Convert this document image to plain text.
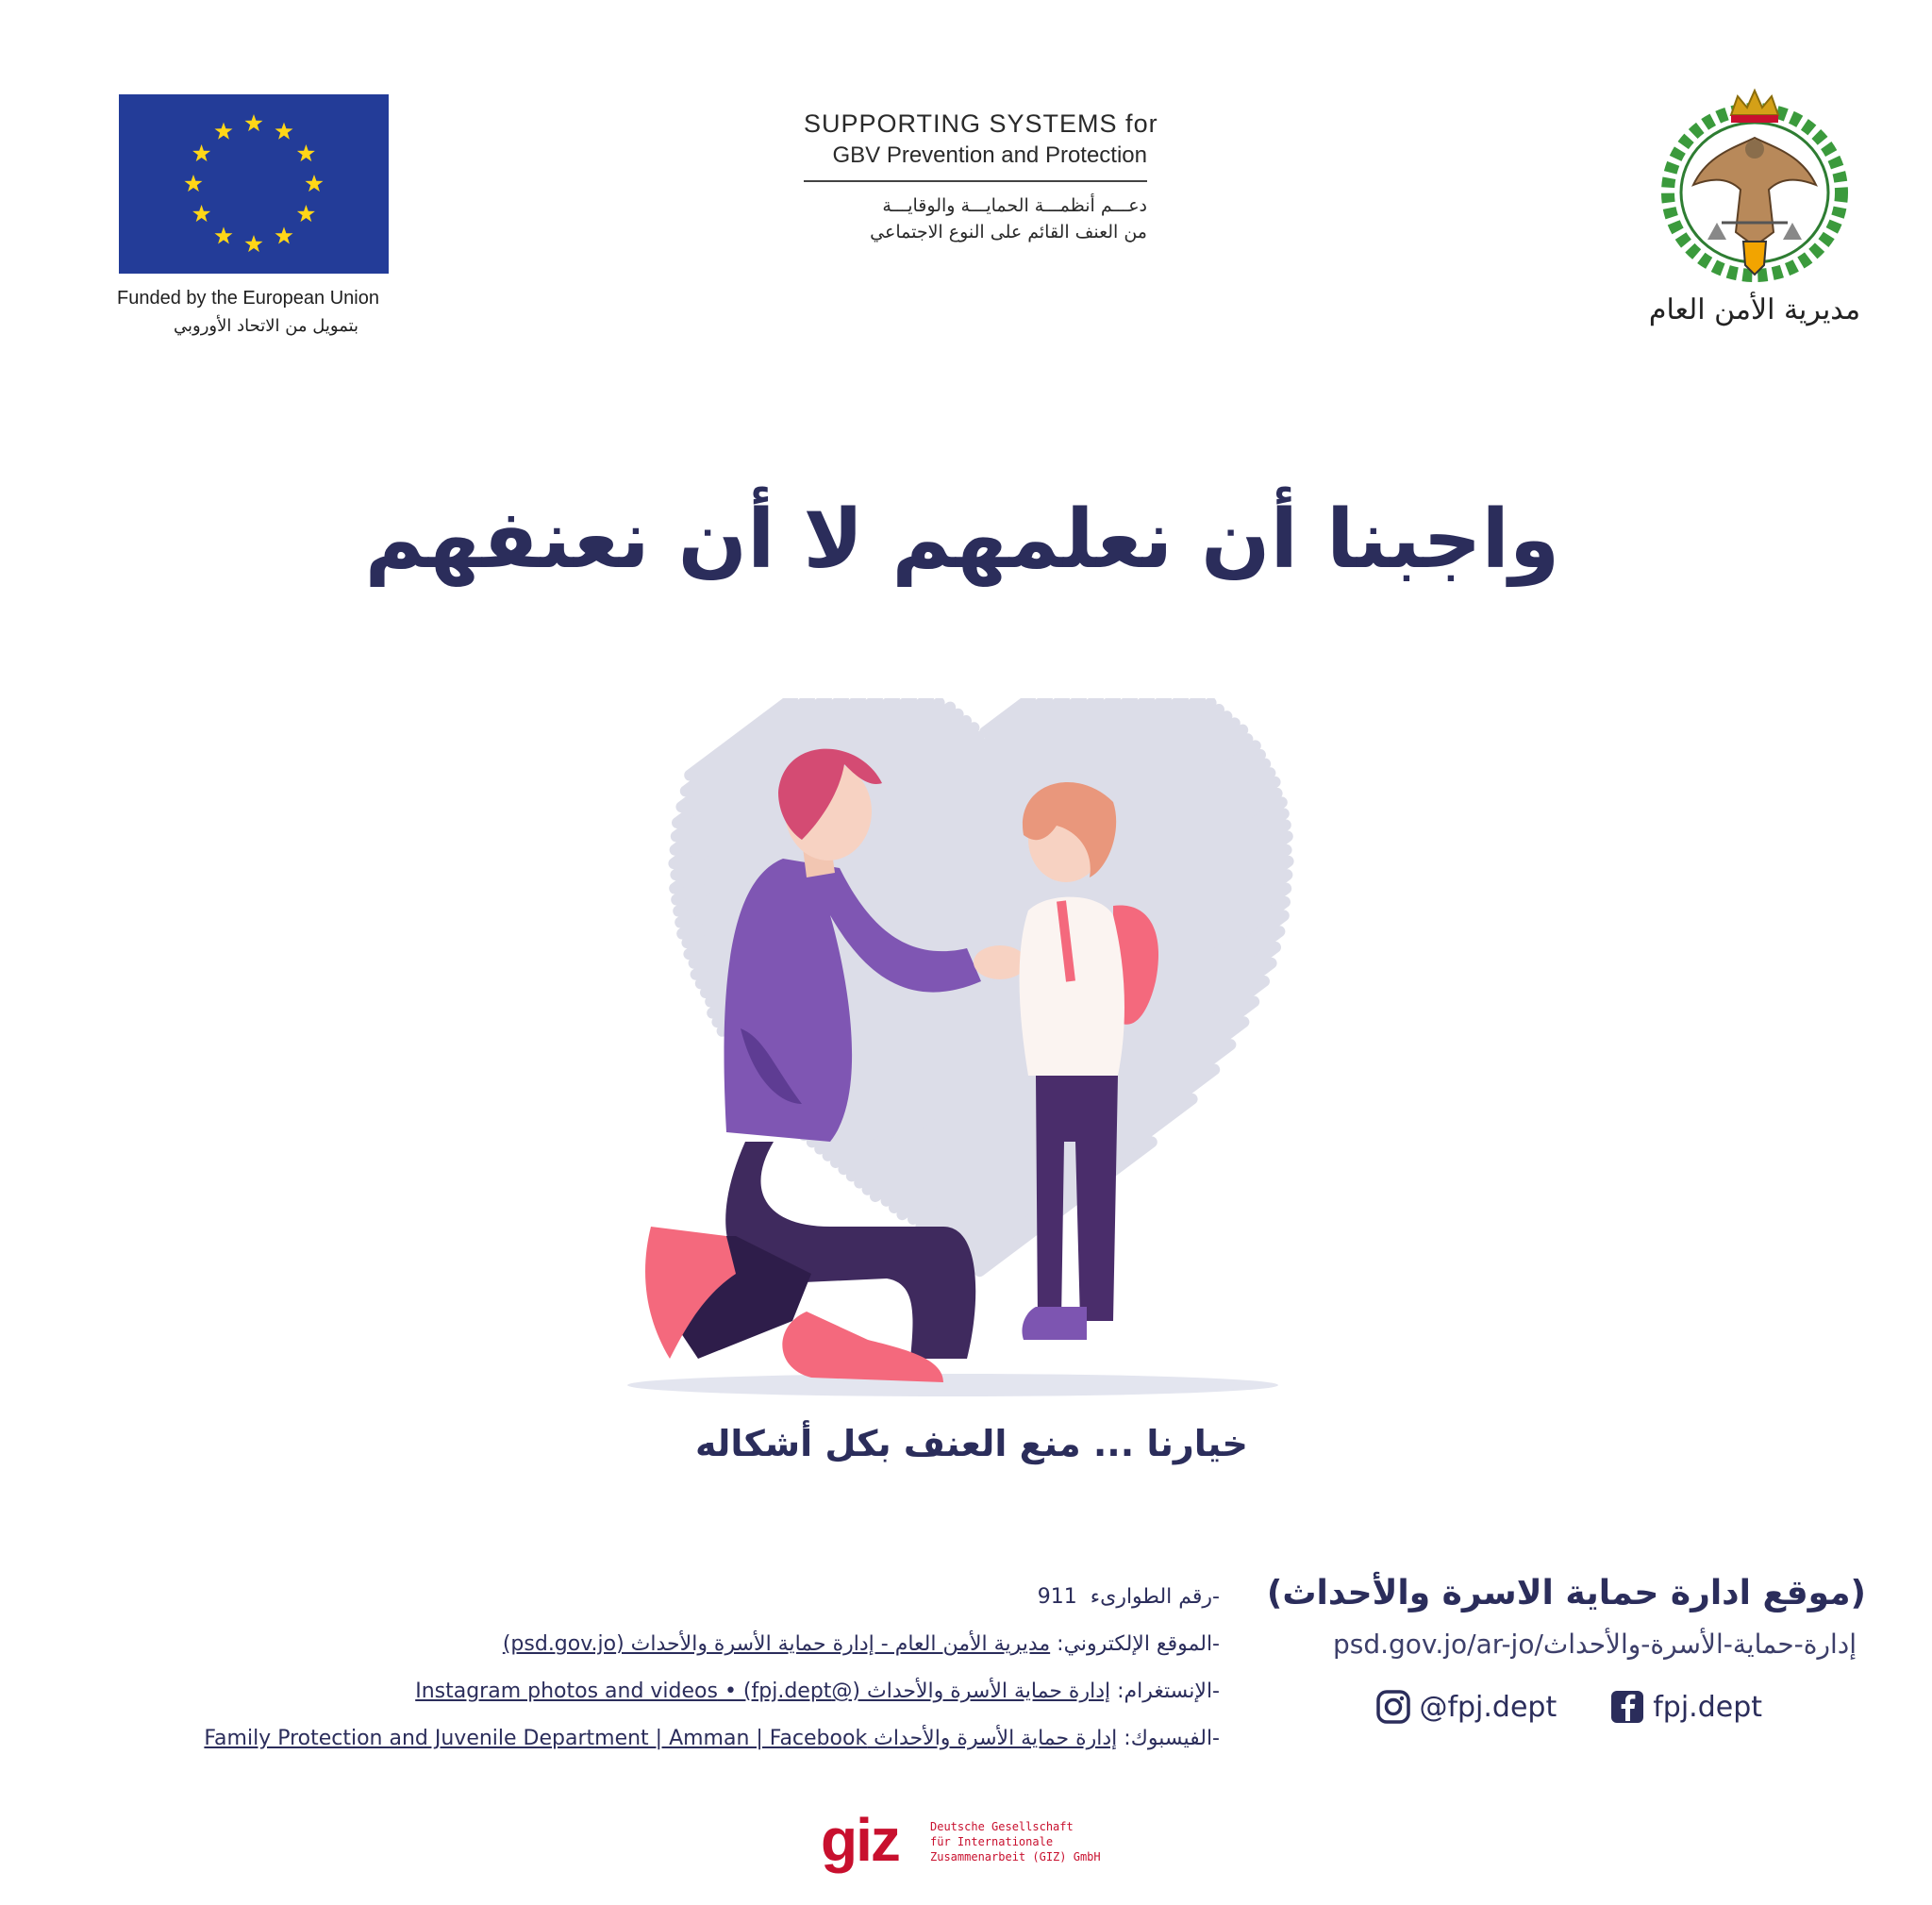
Funded by the European Union
بتمويل من الاتحاد الأوروبي
SUPPORTING SYSTEMS for
GBV Prevention and Protection
دعـــم أنظمـــة الحمايـــة والوقايـــة
من العنف القائم على النوع الاجتماعي
مديرية الأمن العام
واجبنا أن نعلمهم لا أن نعنفهم
خيارنا ... منع العنف بكل أشكاله
-رقم الطوارىء  911
-الموقع الإلكتروني: مديرية الأمن العام - إدارة حماية الأسرة والأحداث (psd.gov.jo)
-الإنستغرام: إدارة حماية الأسرة والأحداث (@fpj.dept) • Instagram photos and videos
-الفيسبوك: إدارة حماية الأسرة والأحداث Family Protection and Juvenile Department | Amman | Facebook
(موقع ادارة حماية الاسرة والأحداث)
psd.gov.jo/ar-jo/إدارة-حماية-الأسرة-والأحداث
@fpj.dept	fpj.dept
giz	Deutsche Gesellschaft
für Internationale
Zusammenarbeit (GIZ) GmbH
